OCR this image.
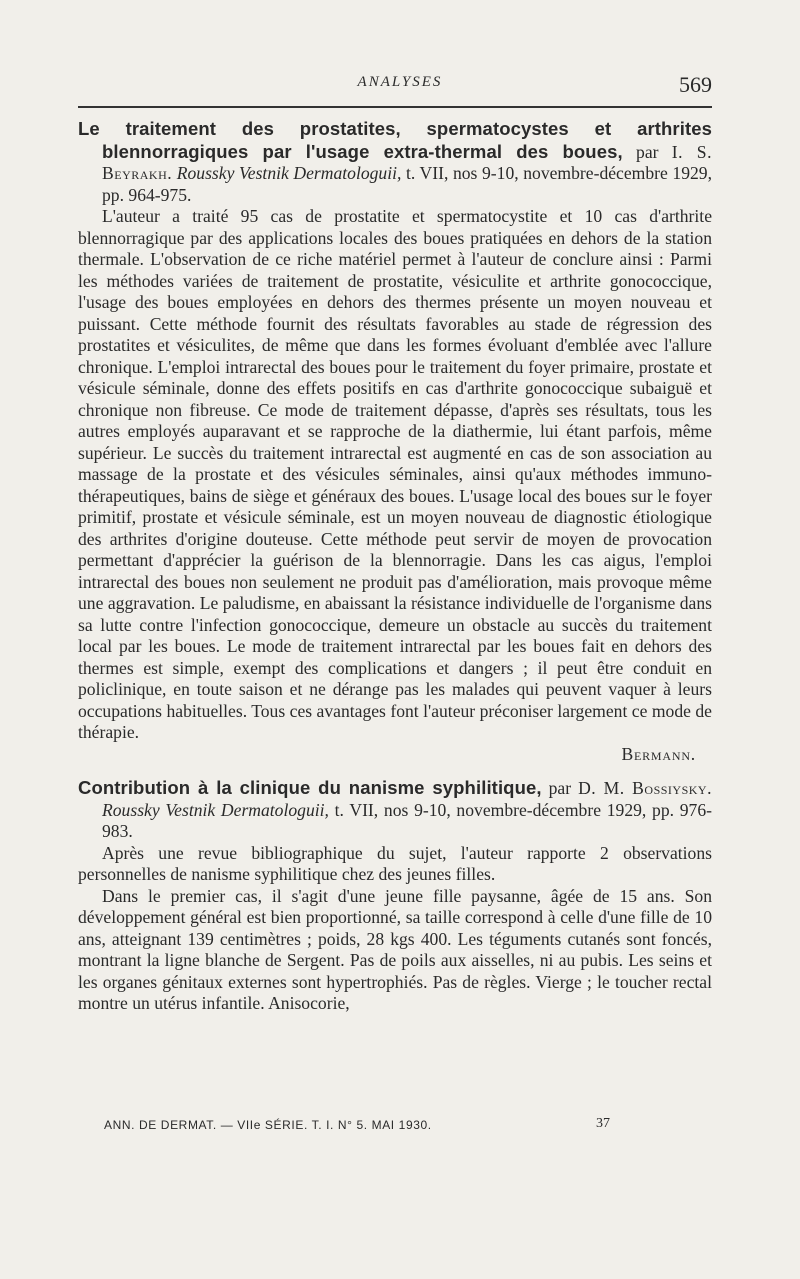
ANALYSES	569

Le traitement des prostatites, spermatocystes et arthrites blennorragiques par l'usage extra-thermal des boues, par I. S. Beyrakh. Rousskу Vestnik Dermatologuii, t. VII, nos 9-10, novembre-décembre 1929, pp. 964-975.

L'auteur a traité 95 cas de prostatite et spermatocystite et 10 cas d'arthrite blennorragique par des applications locales des boues pratiquées en dehors de la station thermale. L'observation de ce riche matériel permet à l'auteur de conclure ainsi : Parmi les méthodes variées de traitement de prostatite, vésiculite et arthrite gonococcique, l'usage des boues employées en dehors des thermes présente un moyen nouveau et puissant. Cette méthode fournit des résultats favorables au stade de régression des prostatites et vésiculites, de même que dans les formes évoluant d'emblée avec l'allure chronique. L'emploi intrarectal des boues pour le traitement du foyer primaire, prostate et vésicule séminale, donne des effets positifs en cas d'arthrite gonococcique subaiguë et chronique non fibreuse. Ce mode de traitement dépasse, d'après ses résultats, tous les autres employés auparavant et se rapproche de la diathermie, lui étant parfois, même supérieur. Le succès du traitement intrarectal est augmenté en cas de son association au massage de la prostate et des vésicules séminales, ainsi qu'aux méthodes immuno-thérapeutiques, bains de siège et généraux des boues. L'usage local des boues sur le foyer primitif, prostate et vésicule séminale, est un moyen nouveau de diagnostic étiologique des arthrites d'origine douteuse. Cette méthode peut servir de moyen de provocation permettant d'apprécier la guérison de la blennorragie. Dans les cas aigus, l'emploi intrarectal des boues non seulement ne produit pas d'amélioration, mais provoque même une aggravation. Le paludisme, en abaissant la résistance individuelle de l'organisme dans sa lutte contre l'infection gonococcique, demeure un obstacle au succès du traitement local par les boues. Le mode de traitement intrarectal par les boues fait en dehors des thermes est simple, exempt des complications et dangers ; il peut être conduit en policlinique, en toute saison et ne dérange pas les malades qui peuvent vaquer à leurs occupations habituelles. Tous ces avantages font l'auteur préconiser largement ce mode de thérapie.

Bermann.

Contribution à la clinique du nanisme syphilitique, par D. M. Bossiysky. Rousskу Vestnik Dermatologuii, t. VII, nos 9-10, novembre-décembre 1929, pp. 976-983.

Après une revue bibliographique du sujet, l'auteur rapporte 2 observations personnelles de nanisme syphilitique chez des jeunes filles.

Dans le premier cas, il s'agit d'une jeune fille paysanne, âgée de 15 ans. Son développement général est bien proportionné, sa taille correspond à celle d'une fille de 10 ans, atteignant 139 centimètres ; poids, 28 kgs 400. Les téguments cutanés sont foncés, montrant la ligne blanche de Sergent. Pas de poils aux aisselles, ni au pubis. Les seins et les organes génitaux externes sont hypertrophiés. Pas de règles. Vierge ; le toucher rectal montre un utérus infantile. Anisocorie,

ANN. DE DERMAT. — VIIe SÉRIE. T. I. N° 5. MAI 1930.	37
